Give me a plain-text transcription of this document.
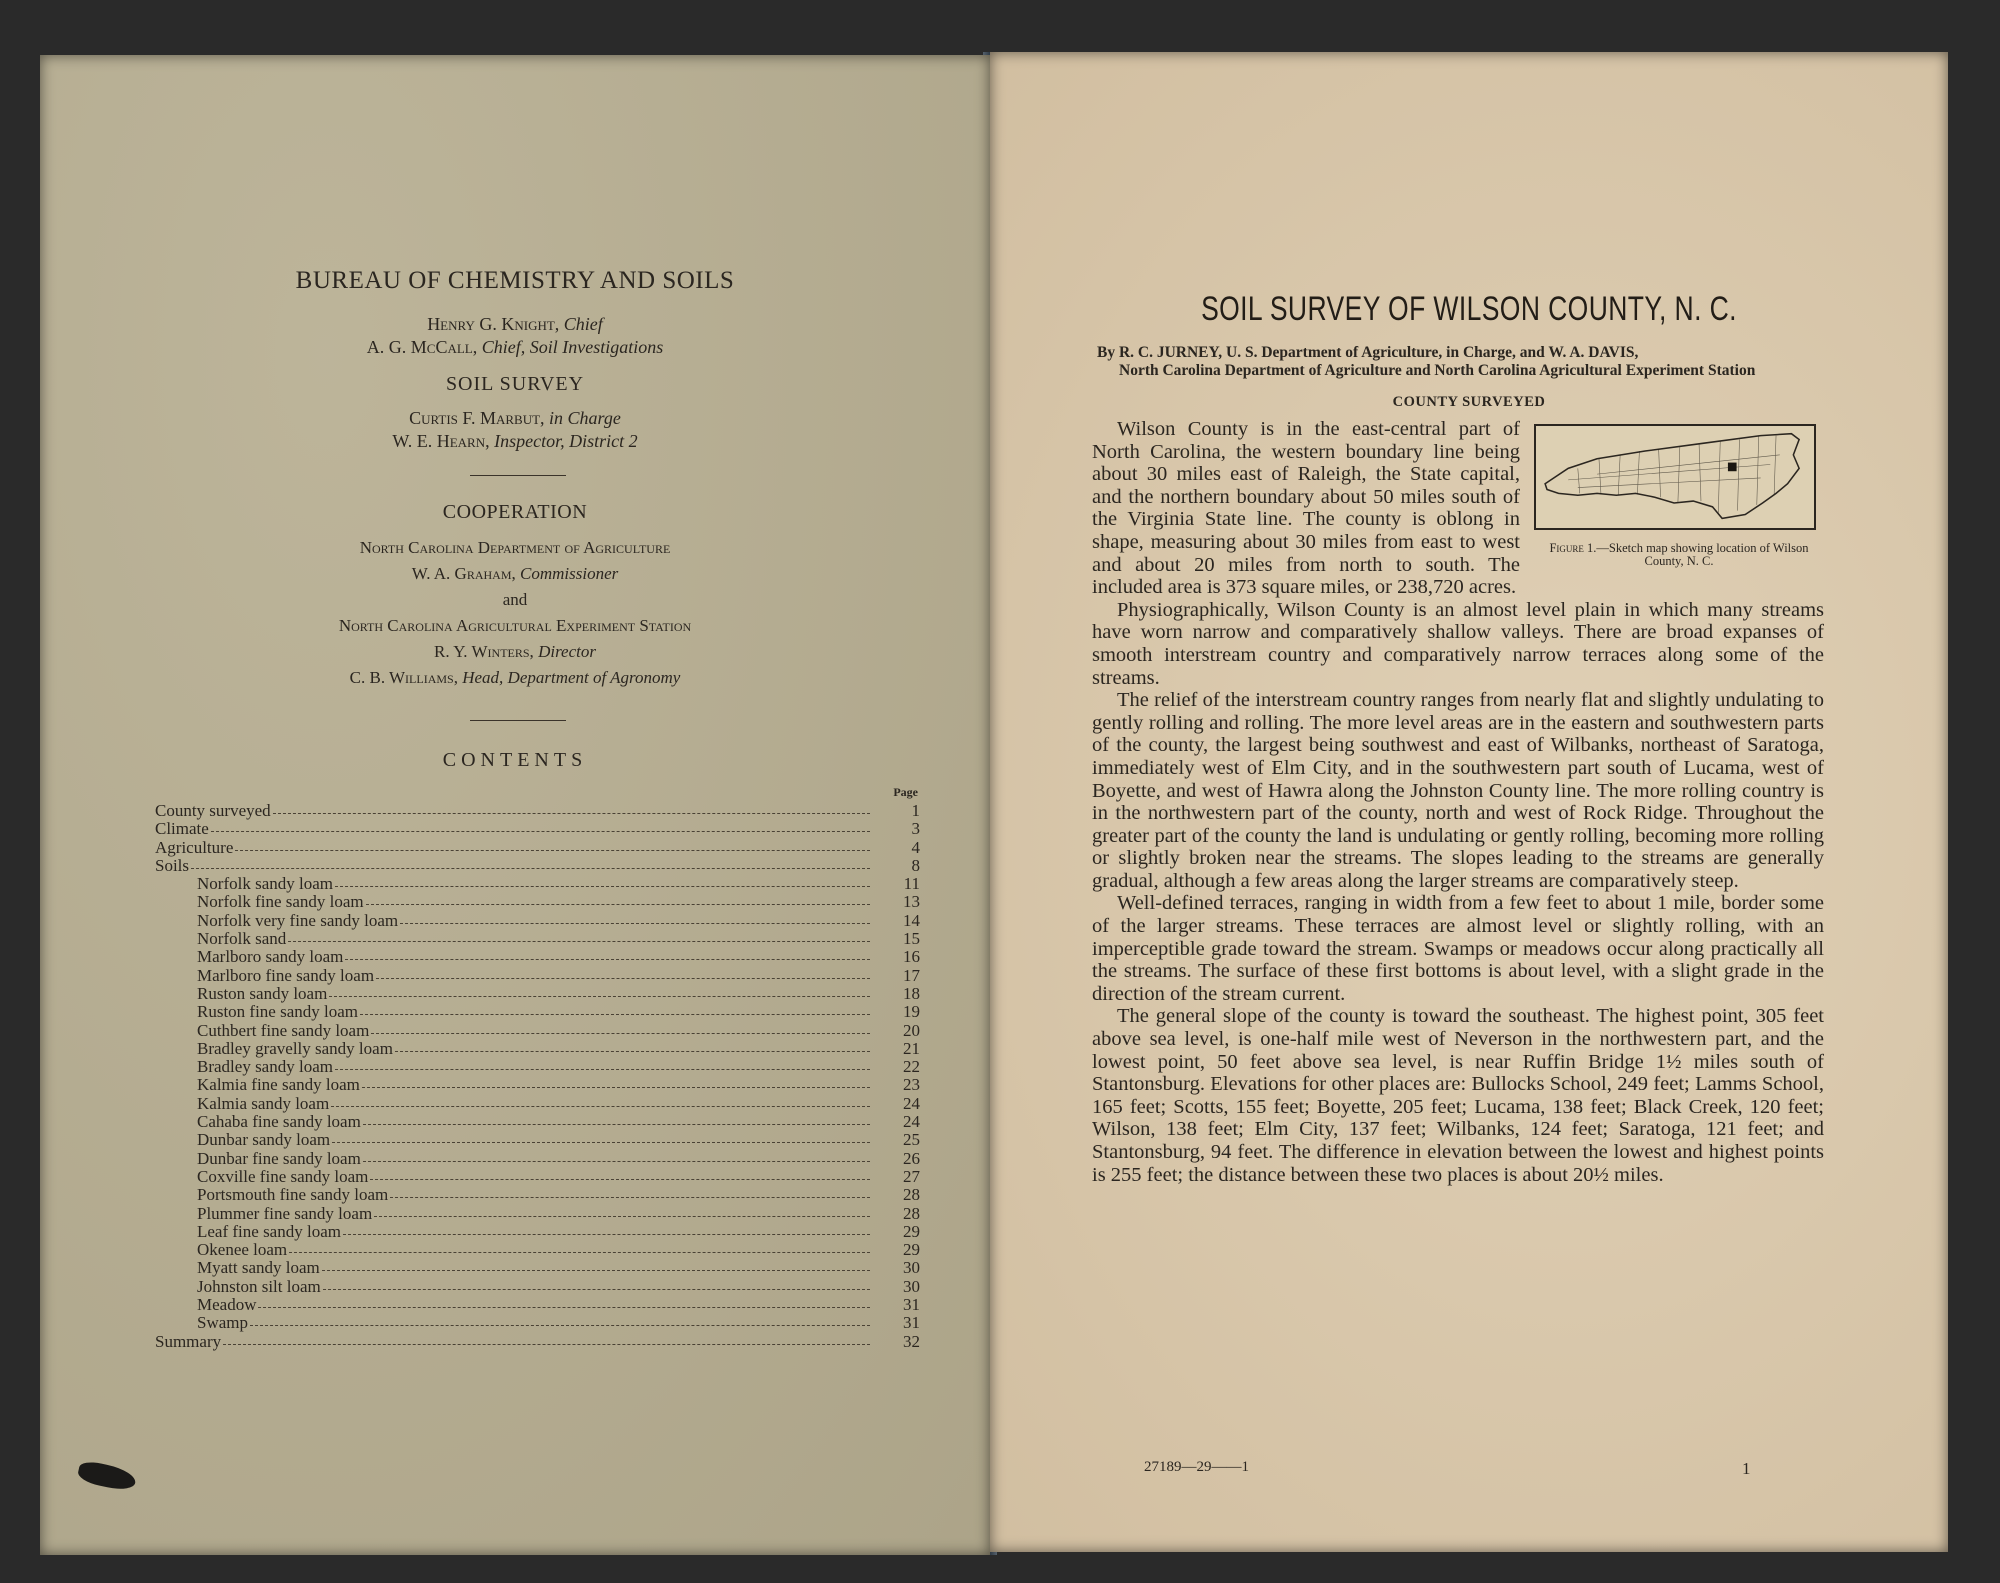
BUREAU OF CHEMISTRY AND SOILS
Henry G. Knight, Chief
A. G. McCall, Chief, Soil Investigations
SOIL SURVEY
Curtis F. Marbut, in Charge
W. E. Hearn, Inspector, District 2
COOPERATION
North Carolina Department of Agriculture
W. A. Graham, Commissioner
and
North Carolina Agricultural Experiment Station
R. Y. Winters, Director
C. B. Williams, Head, Department of Agronomy
CONTENTS
Page
County surveyed	1
Climate	3
Agriculture	4
Soils	8
Norfolk sandy loam	11
Norfolk fine sandy loam	13
Norfolk very fine sandy loam	14
Norfolk sand	15
Marlboro sandy loam	16
Marlboro fine sandy loam	17
Ruston sandy loam	18
Ruston fine sandy loam	19
Cuthbert fine sandy loam	20
Bradley gravelly sandy loam	21
Bradley sandy loam	22
Kalmia fine sandy loam	23
Kalmia sandy loam	24
Cahaba fine sandy loam	24
Dunbar sandy loam	25
Dunbar fine sandy loam	26
Coxville fine sandy loam	27
Portsmouth fine sandy loam	28
Plummer fine sandy loam	28
Leaf fine sandy loam	29
Okenee loam	29
Myatt sandy loam	30
Johnston silt loam	30
Meadow	31
Swamp	31
Summary	32
SOIL SURVEY OF WILSON COUNTY, N. C.
By R. C. JURNEY, U. S. Department of Agriculture, in Charge, and W. A. DAVIS,
North Carolina Department of Agriculture and North Carolina Agricultural Experiment Station
COUNTY SURVEYED
Figure 1.—Sketch map showing location of Wilson County, N. C.

Wilson County is in the east-central part of North Carolina, the western boundary line being about 30 miles east of Raleigh, the State capital, and the northern boundary about 50 miles south of the Virginia State line. The county is oblong in shape, measuring about 30 miles from east to west and about 20 miles from north to south. The included area is 373 square miles, or 238,720 acres.

Physiographically, Wilson County is an almost level plain in which many streams have worn narrow and comparatively shallow valleys. There are broad expanses of smooth interstream country and comparatively narrow terraces along some of the streams.

The relief of the interstream country ranges from nearly flat and slightly undulating to gently rolling and rolling. The more level areas are in the eastern and southwestern parts of the county, the largest being southwest and east of Wilbanks, northeast of Saratoga, immediately west of Elm City, and in the southwestern part south of Lucama, west of Boyette, and west of Hawra along the Johnston County line. The more rolling country is in the northwestern part of the county, north and west of Rock Ridge. Throughout the greater part of the county the land is undulating or gently rolling, becoming more rolling or slightly broken near the streams. The slopes leading to the streams are generally gradual, although a few areas along the larger streams are comparatively steep.

Well-defined terraces, ranging in width from a few feet to about 1 mile, border some of the larger streams. These terraces are almost level or slightly rolling, with an imperceptible grade toward the stream. Swamps or meadows occur along practically all the streams. The surface of these first bottoms is about level, with a slight grade in the direction of the stream current.

The general slope of the county is toward the southeast. The highest point, 305 feet above sea level, is one-half mile west of Neverson in the northwestern part, and the lowest point, 50 feet above sea level, is near Ruffin Bridge 1½ miles south of Stantonsburg. Elevations for other places are: Bullocks School, 249 feet; Lamms School, 165 feet; Scotts, 155 feet; Boyette, 205 feet; Lucama, 138 feet; Black Creek, 120 feet; Wilson, 138 feet; Elm City, 137 feet; Wilbanks, 124 feet; Saratoga, 121 feet; and Stantonsburg, 94 feet. The difference in elevation between the lowest and highest points is 255 feet; the distance between these two places is about 20½ miles.

27189—29——1	1
